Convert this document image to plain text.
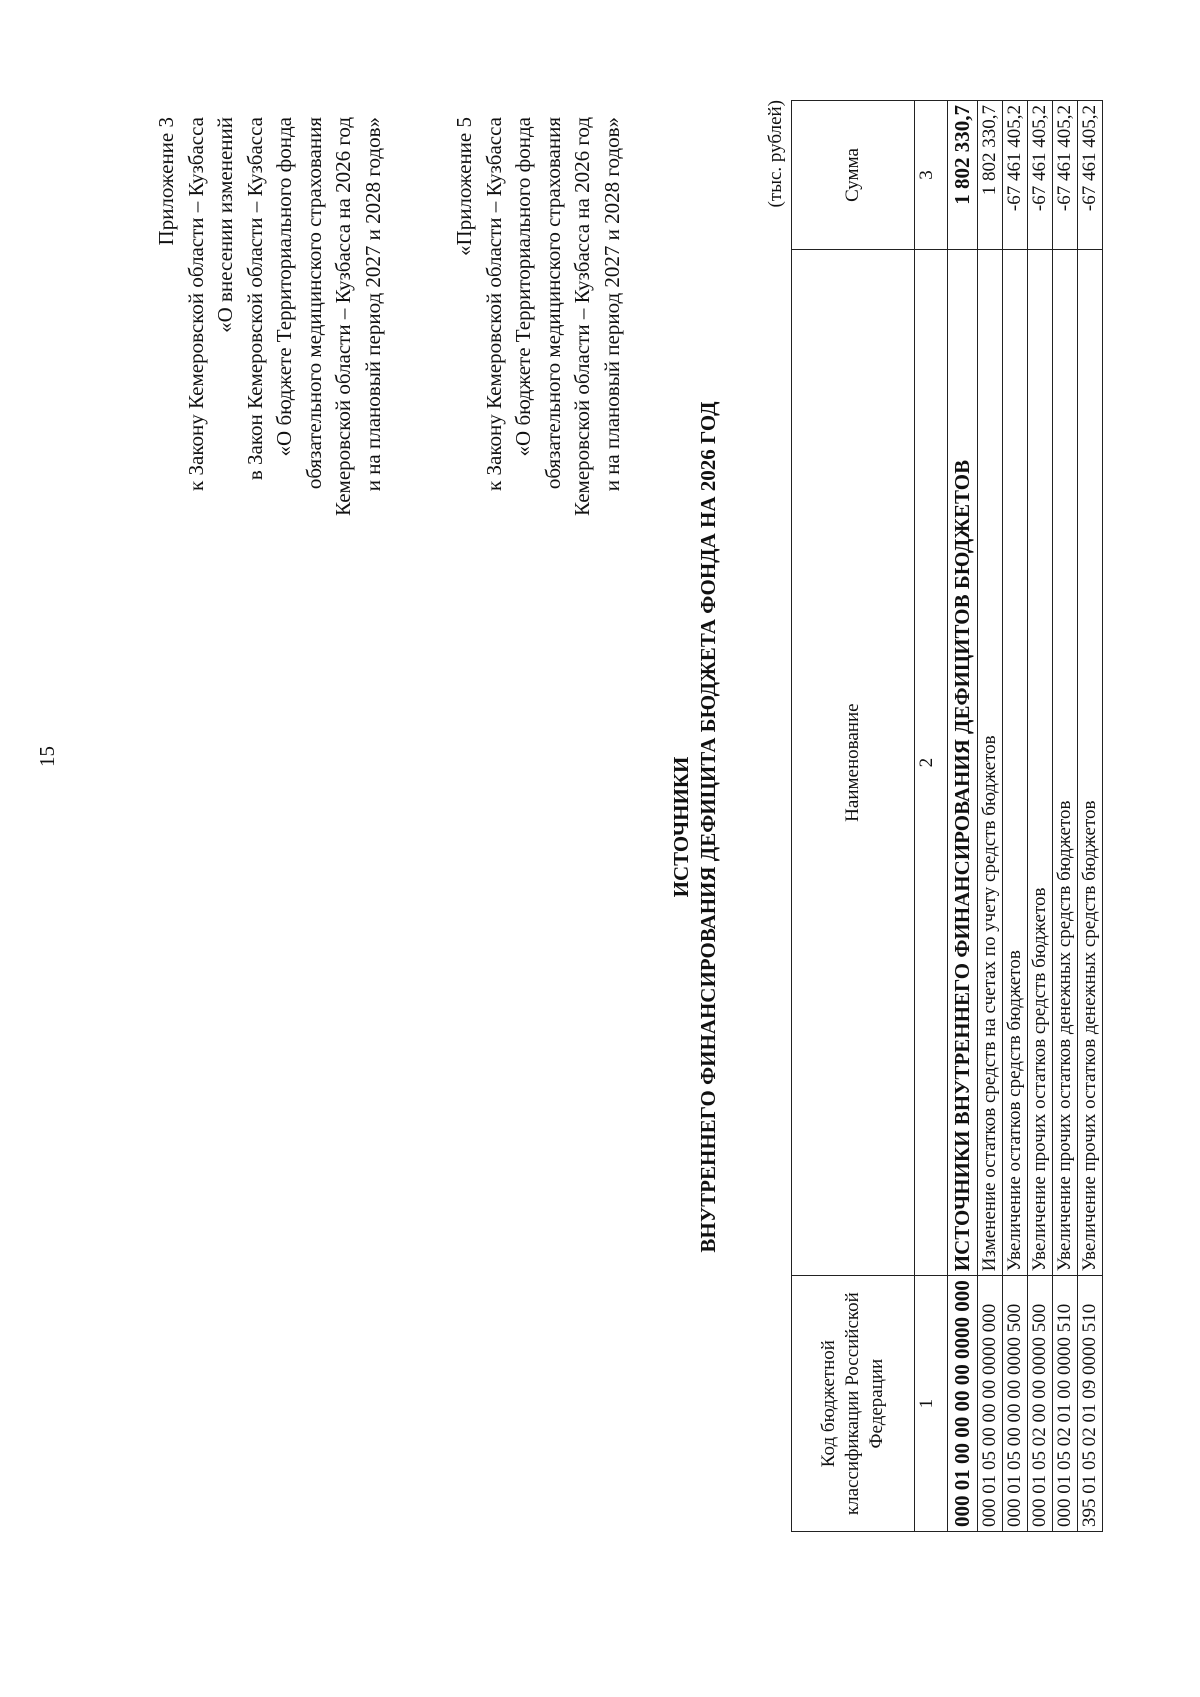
15
Приложение 3 к Закону Кемеровской области – Кузбасса «О внесении изменений в Закон Кемеровской области – Кузбасса «О бюджете Территориального фонда обязательного медицинского страхования Кемеровской области – Кузбасса на 2026 год и на плановый период 2027 и 2028 годов»	«Приложение 5 к Закону Кемеровской области – Кузбасса «О бюджете Территориального фонда обязательного медицинского страхования Кемеровской области – Кузбасса на 2026 год и на плановый период 2027 и 2028 годов»
ИСТОЧНИКИ ВНУТРЕННЕГО ФИНАНСИРОВАНИЯ ДЕФИЦИТА БЮДЖЕТА ФОНДА НА 2026 ГОД
(тыс. рублей)
Код бюджетной классификации Российской Федерации	Наименование	Сумма
1	2	3
000 01 00 00 00 00 0000 000	ИСТОЧНИКИ ВНУТРЕННЕГО ФИНАНСИРОВАНИЯ ДЕФИЦИТОВ БЮДЖЕТОВ	1 802 330,7
000 01 05 00 00 00 0000 000	Изменение остатков средств на счетах по учету средств бюджетов	1 802 330,7
000 01 05 00 00 00 0000 500	Увеличение остатков средств бюджетов	-67 461 405,2
000 01 05 02 00 00 0000 500	Увеличение прочих остатков средств бюджетов	-67 461 405,2
000 01 05 02 01 00 0000 510	Увеличение прочих остатков денежных средств бюджетов	-67 461 405,2
395 01 05 02 01 09 0000 510	Увеличение прочих остатков денежных средств бюджетов	-67 461 405,2
